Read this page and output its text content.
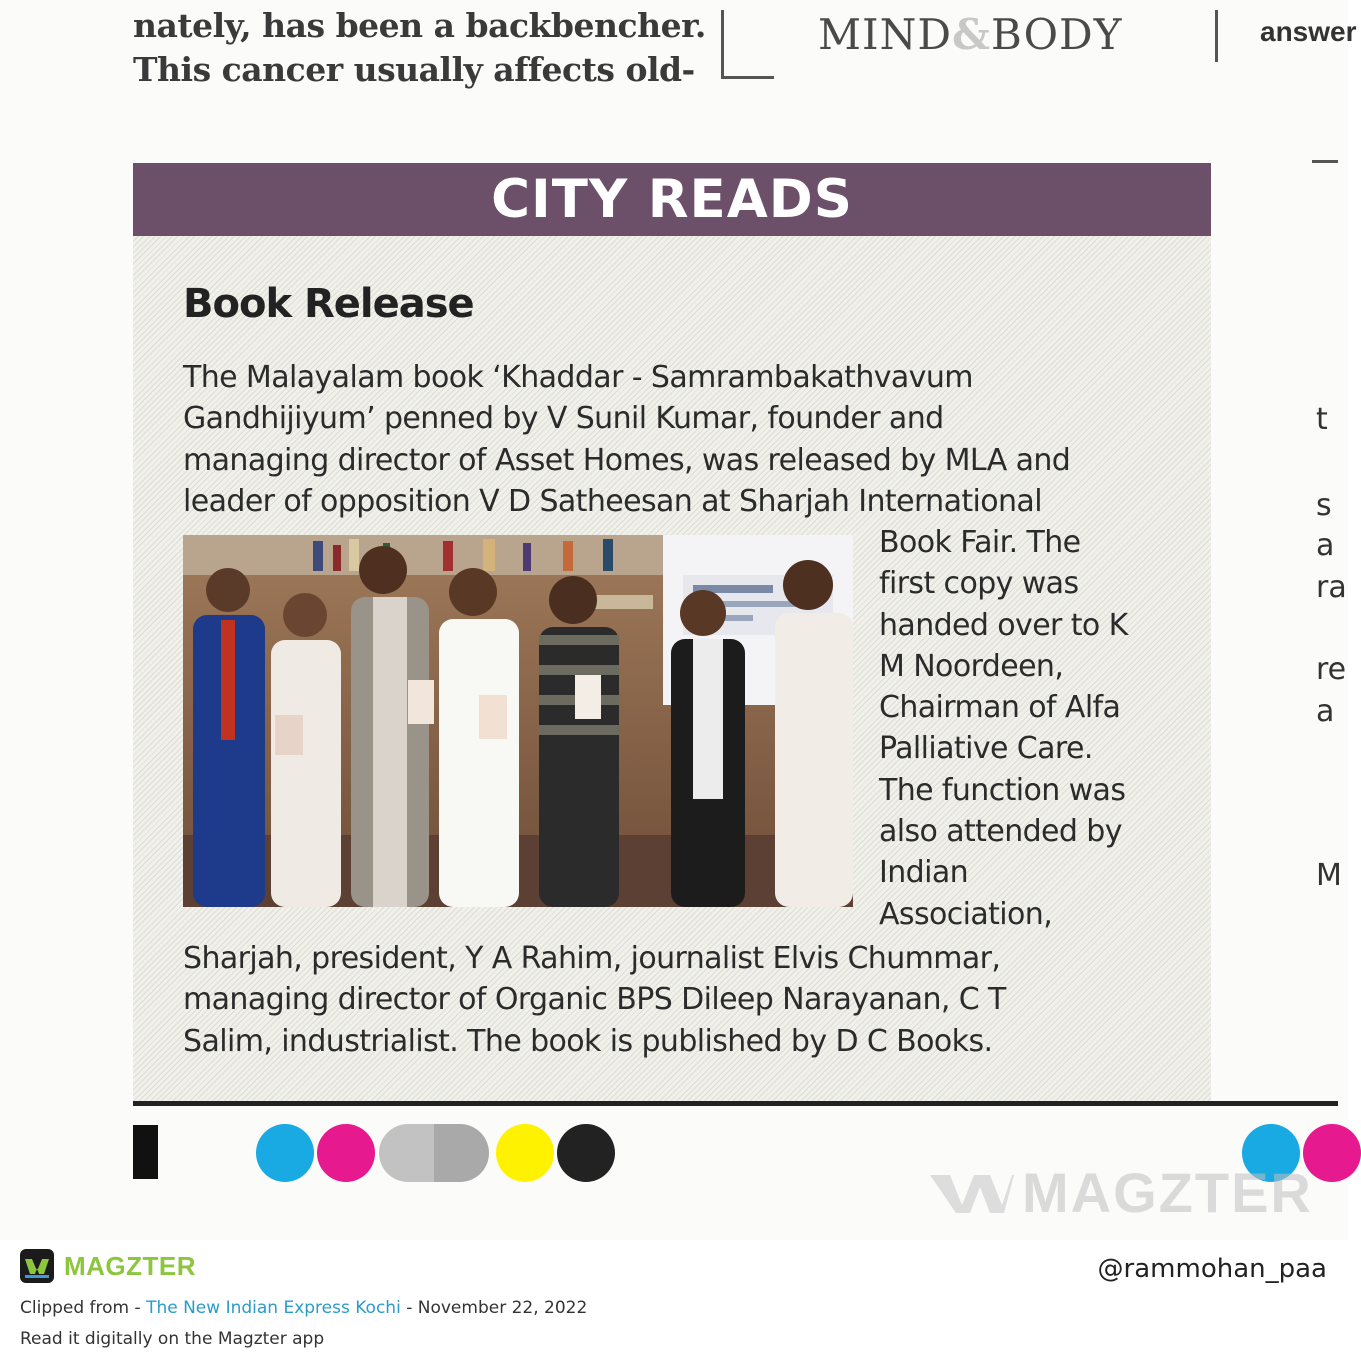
nately, has been a backbencher.
This cancer usually affects old-
MIND&BODY	answer
CITY READS
Book Release
The Malayalam book ‘Khaddar - Samrambakathvavum
Gandhijiyum’ penned by V Sunil Kumar, founder and
managing director of Asset Homes, was released by MLA and
leader of opposition V D Satheesan at Sharjah International
Book Fair. The
first copy was
handed over to K
M Noordeen,
Chairman of Alfa
Palliative Care.
The function was
also attended by
Indian
Association,
Sharjah, president, Y A Rahim, journalist Elvis Chummar,
managing director of Organic BPS Dileep Narayanan, C T
Salim, industrialist. The book is published by D C Books.
t
s
a
ra
re
a
M
MAGZTER
MAGZTER	@rammohan_paa
Clipped from - The New Indian Express Kochi - November 22, 2022
Read it digitally on the Magzter app
